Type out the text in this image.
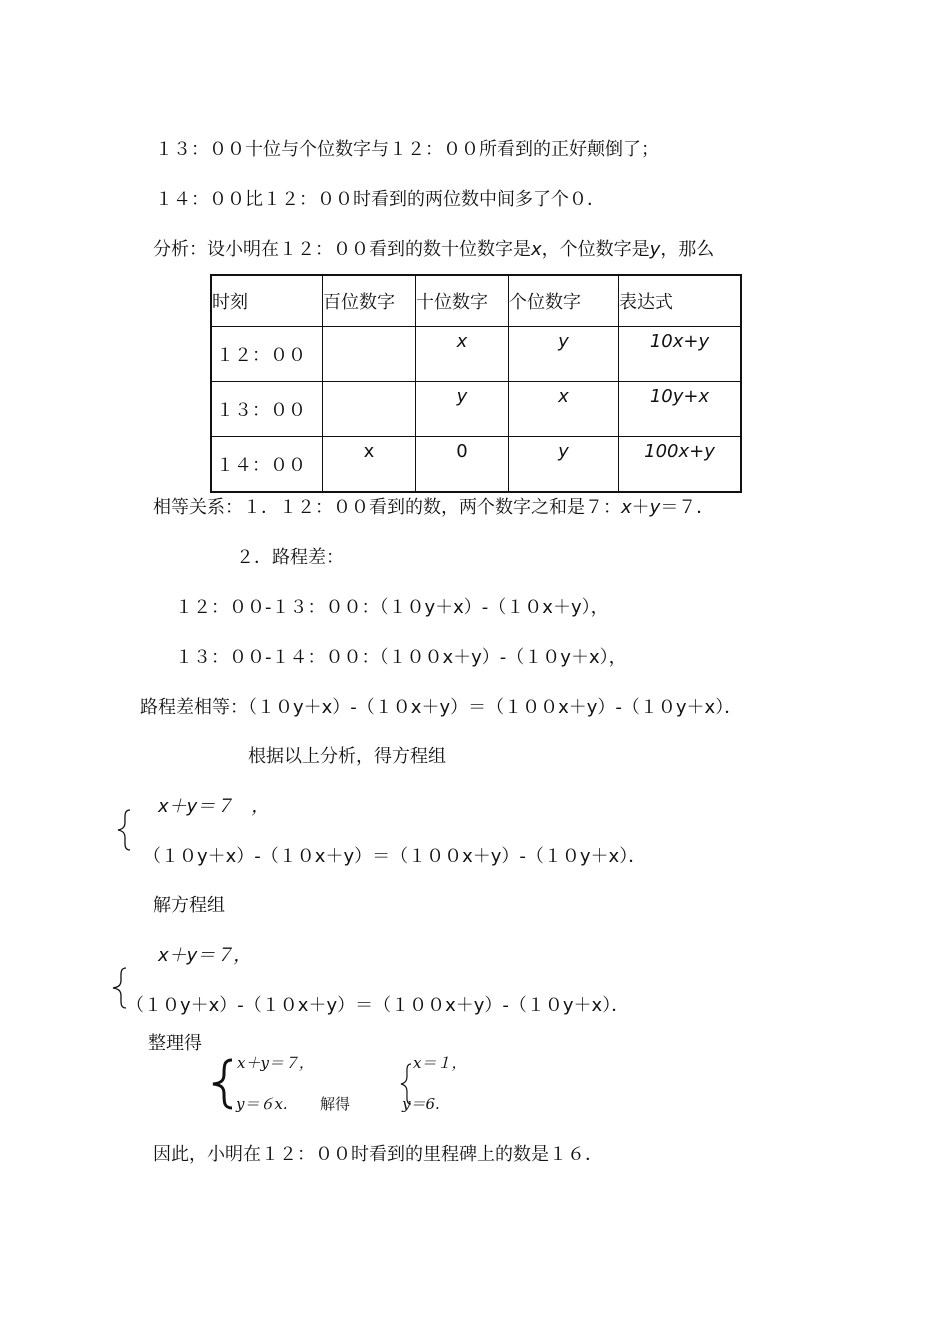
１３：００十位与个位数字与１２：００所看到的正好颠倒了；
１４：００比１２：００时看到的两位数中间多了个０．
分析：设小明在１２：００看到的数十位数字是x，个位数字是y，那么
时刻	百位数字	十位数字	个位数字	表达式
１２：００		x	y	10x+y
１３：００		y	x	10y+x
１４：００	x	0	y	100x+y
相等关系：１．１２：００看到的数，两个数字之和是７：x＋y＝７．
２．路程差：
１２：００-１３：００：（１０y＋x）-（１０x＋y），
１３：００-１４：００：（１００x＋y）-（１０y＋x），
路程差相等：（１０y＋x）-（１０x＋y）＝（１００x＋y）-（１０y＋x）．
根据以上分析，得方程组
x＋y＝７　，
（１０y＋x）-（１０x＋y）＝（１００x＋y）-（１０y＋x）．
解方程组
x＋y＝７，
（１０y＋x）-（１０x＋y）＝（１００x＋y）-（１０y＋x）．
整理得
x＋y＝７，
y＝６x. 解得
x＝１，
y＝6.
因此，小明在１２：００时看到的里程碑上的数是１６．
